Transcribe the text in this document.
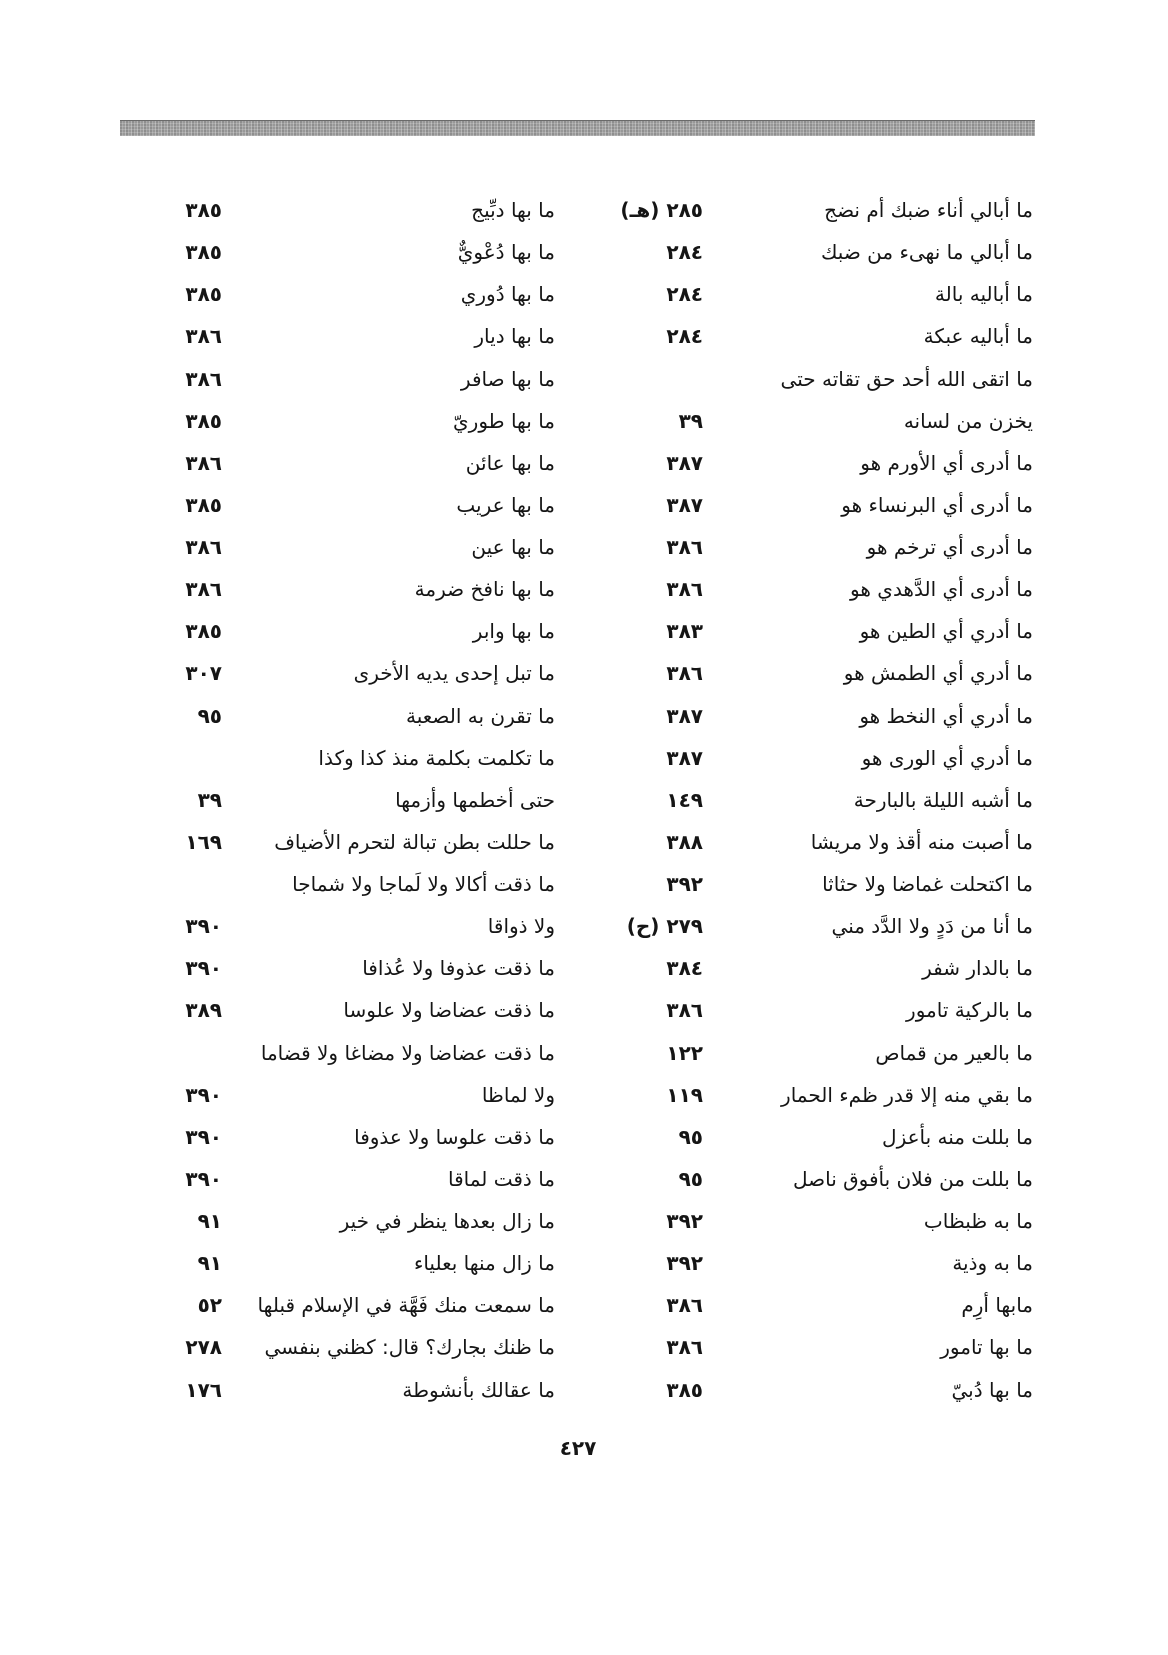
ما أبالي أناء ضبك أم نضج
٢٨٥ (هـ)
ما أبالي ما نهىء من ضبك
٢٨٤
ما أباليه بالة
٢٨٤
ما أباليه عبكة
٢٨٤
ما اتقى الله أحد حق تقاته حتى
يخزن من لسانه
٣٩
ما أدرى أي الأورم هو
٣٨٧
ما أدرى أي البرنساء هو
٣٨٧
ما أدرى أي ترخم هو
٣٨٦
ما أدرى أي الدَّهدي هو
٣٨٦
ما أدري أي الطين هو
٣٨٣
ما أدري أي الطمش هو
٣٨٦
ما أدري أي النخط هو
٣٨٧
ما أدري أي الورى هو
٣٨٧
ما أشبه الليلة بالبارحة
١٤٩
ما أصبت منه أقذ ولا مريشا
٣٨٨
ما اكتحلت غماضا ولا حثاثا
٣٩٢
ما أنا من دَدٍ ولا الدَّد مني
٢٧٩ (ح)
ما بالدار شفر
٣٨٤
ما بالركية تامور
٣٨٦
ما بالعير من قماص
١٢٢
ما بقي منه إلا قدر ظمء الحمار
١١٩
ما بللت منه بأعزل
٩٥
ما بللت من فلان بأفوق ناصل
٩٥
ما به ظبظاب
٣٩٢
ما به وذية
٣٩٢
مابها أرِم
٣٨٦
ما بها تامور
٣٨٦
ما بها دُبيّ
٣٨٥
ما بها دبِّيج
٣٨٥
ما بها دُعْويٌّ
٣٨٥
ما بها دُوري
٣٨٥
ما بها ديار
٣٨٦
ما بها صافر
٣٨٦
ما بها طوريّ
٣٨٥
ما بها عائن
٣٨٦
ما بها عريب
٣٨٥
ما بها عين
٣٨٦
ما بها نافخ ضرمة
٣٨٦
ما بها وابر
٣٨٥
ما تبل إحدى يديه الأخرى
٣٠٧
ما تقرن به الصعبة
٩٥
ما تكلمت بكلمة منذ كذا وكذا
حتى أخطمها وأزمها
٣٩
ما حللت بطن تبالة لتحرم الأضياف
١٦٩
ما ذقت أكالا ولا لَماجا ولا شماجا
ولا ذواقا
٣٩٠
ما ذقت عذوفا ولا عُذافا
٣٩٠
ما ذقت عضاضا ولا علوسا
٣٨٩
ما ذقت عضاضا ولا مضاغا ولا قضاما
ولا لماظا
٣٩٠
ما ذقت علوسا ولا عذوفا
٣٩٠
ما ذقت لماقا
٣٩٠
ما زال بعدها ينظر في خير
٩١
ما زال منها بعلياء
٩١
ما سمعت منك فَهَّة في الإسلام قبلها
٥٢
ما ظنك بجارك؟ قال: كظني بنفسي
٢٧٨
ما عقالك بأنشوطة
١٧٦
٤٢٧
